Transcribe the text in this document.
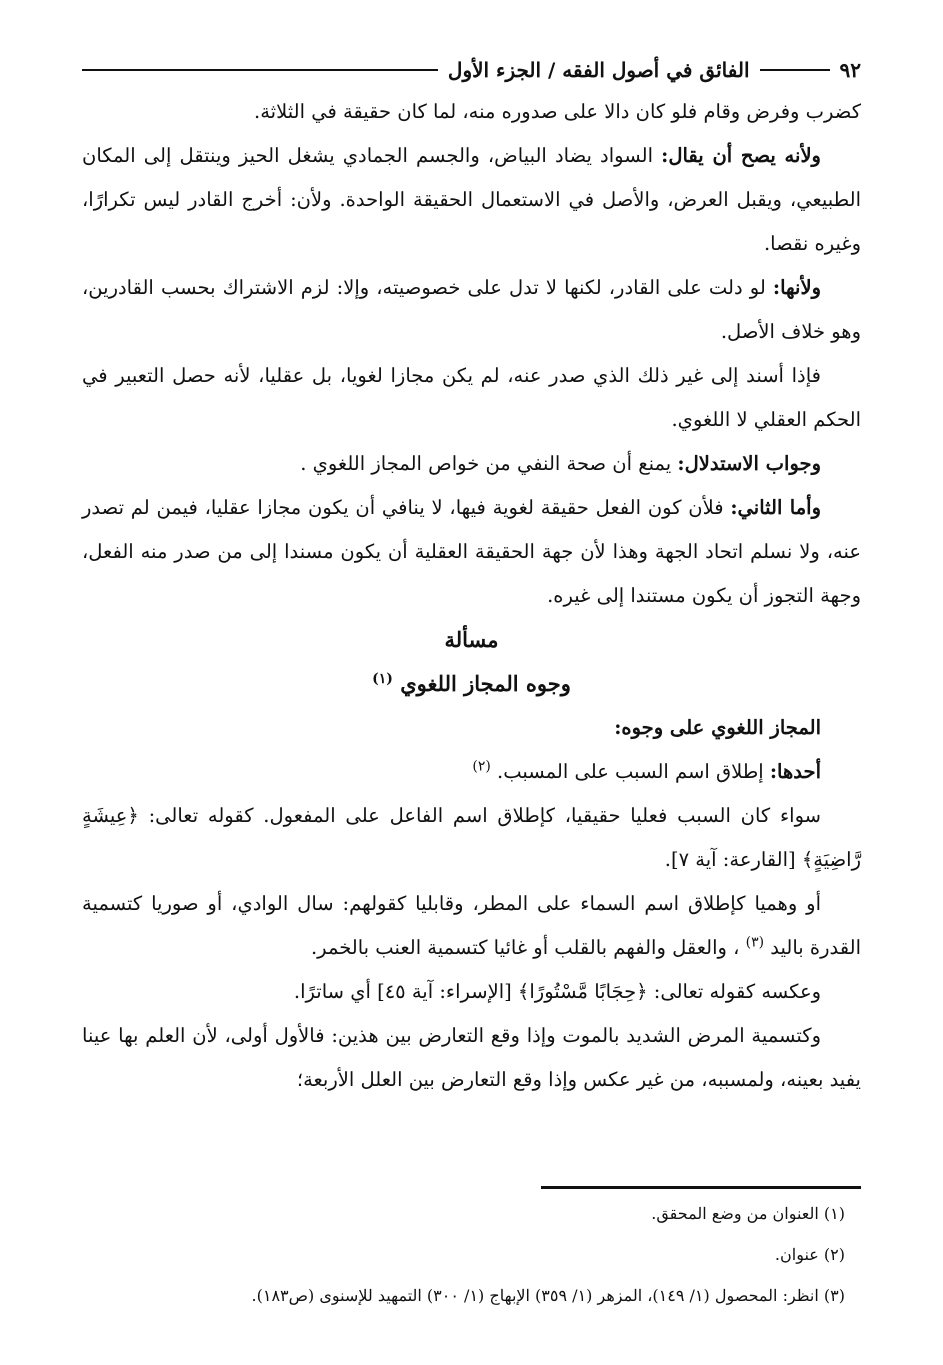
٩٢
الفائق في أصول الفقه / الجزء الأول

كضرب وفرض وقام فلو كان دالا على صدوره منه، لما كان حقيقة في الثلاثة.

ولأنه يصح أن يقال: السواد يضاد البياض، والجسم الجمادي يشغل الحيز وينتقل إلى المكان الطبيعي، ويقبل العرض، والأصل في الاستعمال الحقيقة الواحدة. ولأن: أخرج القادر ليس تكرارًا، وغيره نقصا.

ولأنها: لو دلت على القادر، لكنها لا تدل على خصوصيته، وإلا: لزم الاشتراك بحسب القادرين، وهو خلاف الأصل.

فإذا أسند إلى غير ذلك الذي صدر عنه، لم يكن مجازا لغويا، بل عقليا، لأنه حصل التعبير في الحكم العقلي لا اللغوي.

وجواب الاستدلال: يمنع أن صحة النفي من خواص المجاز اللغوي .

وأما الثاني: فلأن كون الفعل حقيقة لغوية فيها، لا ينافي أن يكون مجازا عقليا، فيمن لم تصدر عنه، ولا نسلم اتحاد الجهة وهذا لأن جهة الحقيقة العقلية أن يكون مسندا إلى من صدر منه الفعل، وجهة التجوز أن يكون مستندا إلى غيره.

مسألة

وجوه المجاز اللغوي $^{(١)}$

المجاز اللغوي على وجوه:

أحدها: إطلاق اسم السبب على المسبب. $^{(٢)}$

سواء كان السبب فعليا حقيقيا، كإطلاق اسم الفاعل على المفعول. كقوله تعالى: ﴿عِيشَةٍ رَّاضِيَةٍ﴾ [القارعة: آية ٧].

أو وهميا كإطلاق اسم السماء على المطر، وقابليا كقولهم: سال الوادي، أو صوريا كتسمية القدرة باليد $^{(٣)}$ ، والعقل والفهم بالقلب أو غائيا كتسمية العنب بالخمر.

وعكسه كقوله تعالى: ﴿حِجَابًا مَّسْتُورًا﴾ [الإسراء: آية ٤٥] أي ساترًا.

وكتسمية المرض الشديد بالموت وإذا وقع التعارض بين هذين: فالأول أولى، لأن العلم بها عينا يفيد بعينه، ولمسببه، من غير عكس وإذا وقع التعارض بين العلل الأربعة؛

(١) العنوان من وضع المحقق.

(٢) عنوان.

(٣) انظر: المحصول (١/ ١٤٩)، المزهر (١/ ٣٥٩) الإبهاج (١/ ٣٠٠) التمهيد للإسنوى (ص١٨٣).
